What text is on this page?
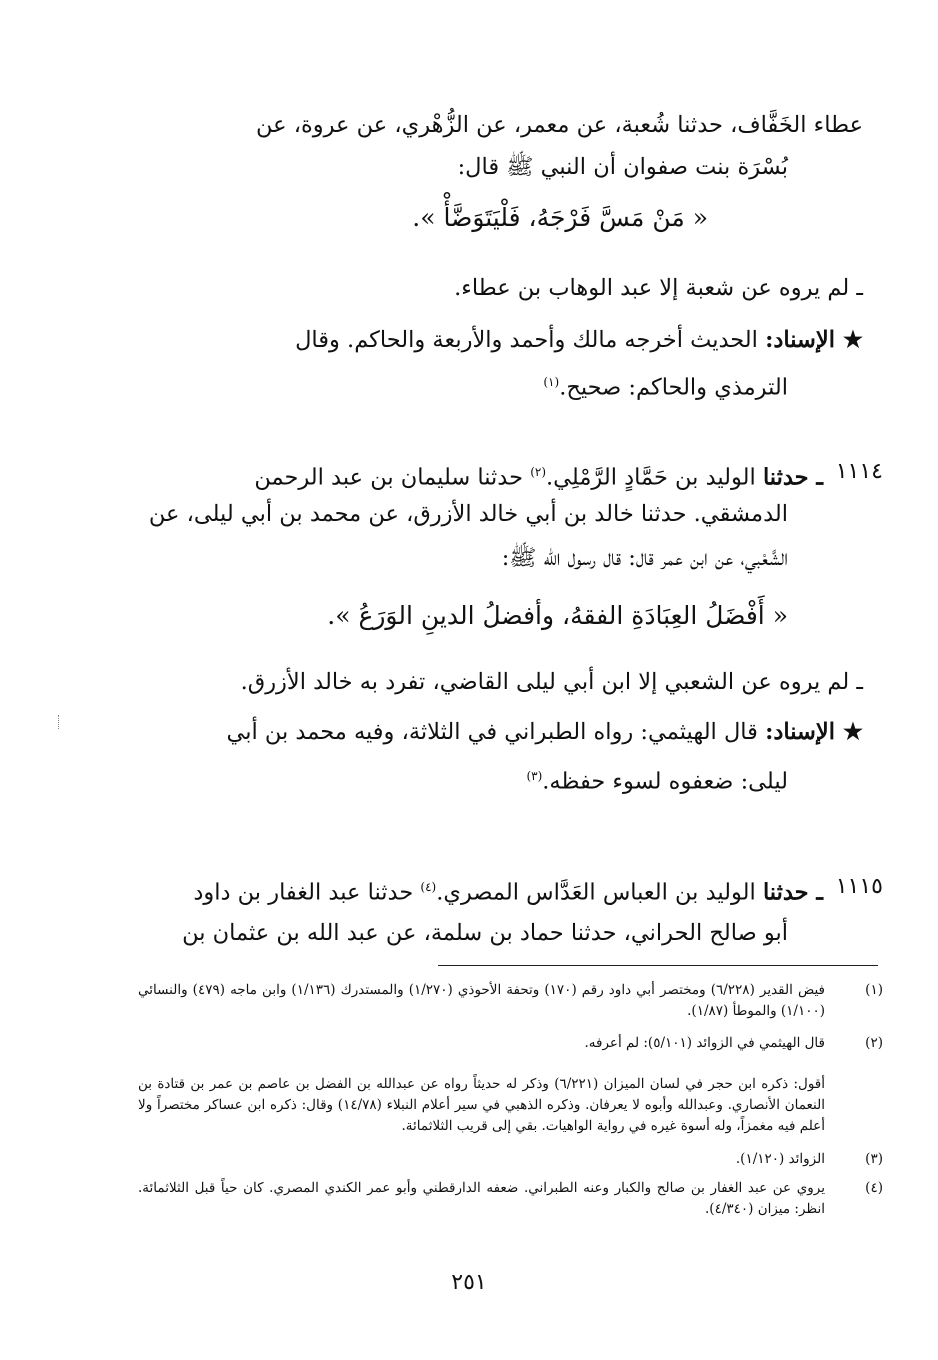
عطاء الخَفَّاف، حدثنا شُعبة، عن معمر، عن الزُّهْري، عن عروة، عن
بُسْرَة بنت صفوان أن النبي ﷺ قال:
« مَنْ مَسَّ فَرْجَهُ، فَلْيَتَوَضَّأْ ».
ـ لم يروه عن شعبة إلا عبد الوهاب بن عطاء.
★ الإسناد: الحديث أخرجه مالك وأحمد والأربعة والحاكم. وقال
الترمذي والحاكم: صحيح.$^{(١)}$
١١١٤
ـ حدثنا الوليد بن حَمَّادٍ الرَّمْلِي.$^{(٢)}$ حدثنا سليمان بن عبد الرحمن
الدمشقي. حدثنا خالد بن أبي خالد الأزرق، عن محمد بن أبي ليلى، عن
الشَّعْبي، عن ابن عمر قال: قال رسول الله ﷺ:
« أَفْضَلُ العِبَادَةِ الفقهُ، وأفضلُ الدينِ الوَرَعُ ».
ـ لم يروه عن الشعبي إلا ابن أبي ليلى القاضي، تفرد به خالد الأزرق.
★ الإسناد: قال الهيثمي: رواه الطبراني في الثلاثة، وفيه محمد بن أبي
ليلى: ضعفوه لسوء حفظه.$^{(٣)}$
١١١٥
ـ حدثنا الوليد بن العباس العَدَّاس المصري.$^{(٤)}$ حدثنا عبد الغفار بن داود
أبو صالح الحراني، حدثنا حماد بن سلمة، عن عبد الله بن عثمان بن
(١)
فيض القدير (٦/٢٢٨) ومختصر أبي داود رقم (١٧٠) وتحفة الأحوذي (١/٢٧٠) والمستدرك (١/١٣٦) وابن ماجه (٤٧٩) والنسائي (١/١٠٠) والموطأ (١/٨٧).
(٢)
قال الهيثمي في الزوائد (٥/١٠١): لم أعرفه.
أقول: ذكره ابن حجر في لسان الميزان (٦/٢٢١) وذكر له حديثاً رواه عن عبدالله بن الفضل بن عاصم بن عمر بن قتادة بن النعمان الأنصاري. وعبدالله وأبوه لا يعرفان. وذكره الذهبي في سير أعلام النبلاء (١٤/٧٨) وقال: ذكره ابن عساكر مختصراً ولا أعلم فيه مغمزاً، وله أسوة غيره في رواية الواهيات. بقي إلى قريب الثلاثمائة.
(٣)
الزوائد (١/١٢٠).
(٤)
يروي عن عبد الغفار بن صالح والكبار وعنه الطبراني. ضعفه الدارقطني وأبو عمر الكندي المصري. كان حياً قبل الثلاثمائة. انظر: ميزان (٤/٣٤٠).
٢٥١
